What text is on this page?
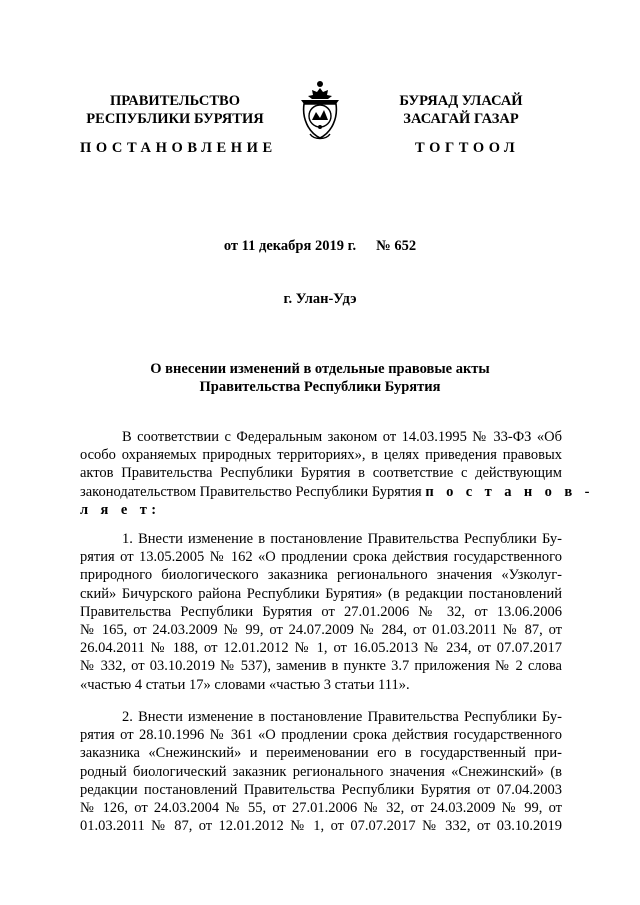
ПРАВИТЕЛЬСТВО
РЕСПУБЛИКИ БУРЯТИЯ
БУРЯАД УЛАСАЙ
ЗАСАГАЙ ГАЗАР
ПОСТАНОВЛЕНИЕ	ТОГТООЛ
от 11 декабря 2019 г. № 652
г. Улан-Удэ
О внесении изменений в отдельные правовые акты
Правительства Республики Бурятия
В соответствии с Федеральным законом от 14.03.1995 № 33-ФЗ «Об
особо охраняемых природных территориях», в целях приведения правовых
актов Правительства Республики Бурятия в соответствие с действующим
законодательством Правительство Республики Бурятия п о с т а н о в -
л я е т:
1. Внести изменение в постановление Правительства Республики Бу-
рятия от 13.05.2005 № 162 «О продлении срока действия государственного
природного биологического заказника регионального значения «Узколуг-
ский» Бичурского района Республики Бурятия» (в редакции постановлений
Правительства Республики Бурятия от 27.01.2006 № 32, от 13.06.2006
№ 165, от 24.03.2009 № 99, от 24.07.2009 № 284, от 01.03.2011 № 87, от
26.04.2011 № 188, от 12.01.2012 № 1, от 16.05.2013 № 234, от 07.07.2017
№ 332, от 03.10.2019 № 537), заменив в пункте 3.7 приложения № 2 слова
«частью 4 статьи 17» словами «частью 3 статьи 111».
2. Внести изменение в постановление Правительства Республики Бу-
рятия от 28.10.1996 № 361 «О продлении срока действия государственного
заказника «Снежинский» и переименовании его в государственный при-
родный биологический заказник регионального значения «Снежинский» (в
редакции постановлений Правительства Республики Бурятия от 07.04.2003
№ 126, от 24.03.2004 № 55, от 27.01.2006 № 32, от 24.03.2009 № 99, от
01.03.2011 № 87, от 12.01.2012 № 1, от 07.07.2017 № 332, от 03.10.2019
